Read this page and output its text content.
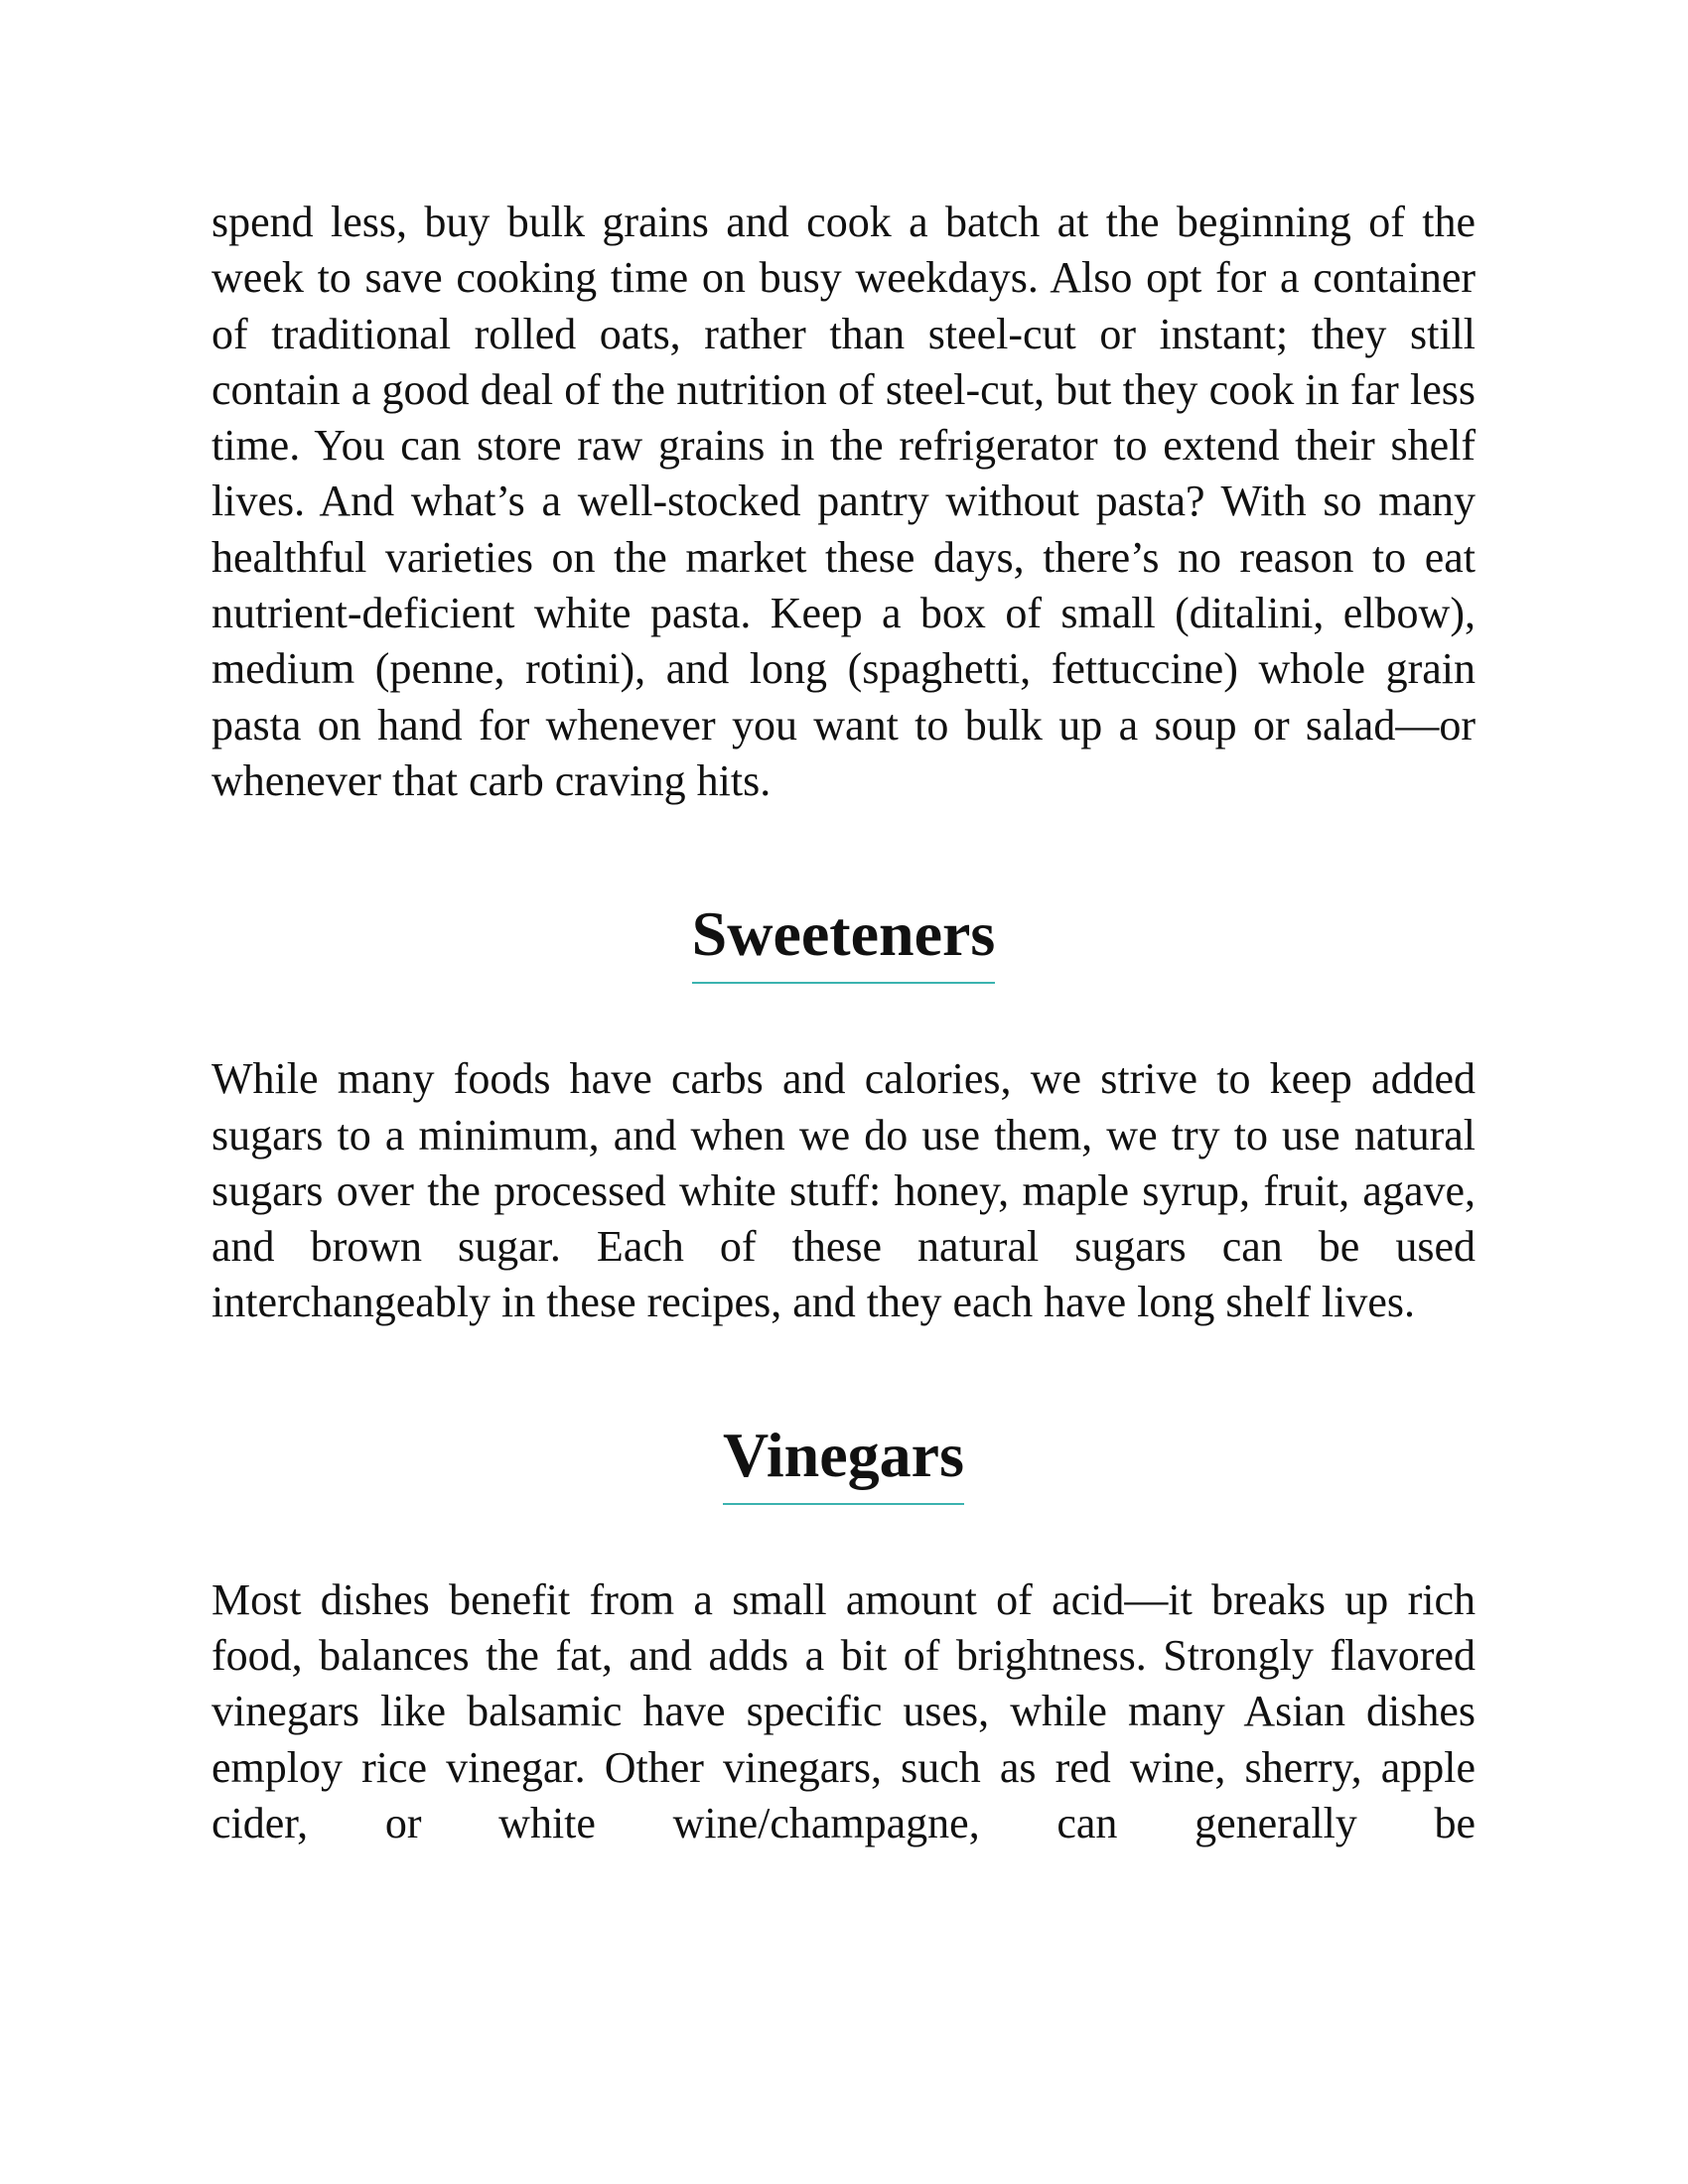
spend less, buy bulk grains and cook a batch at the beginning of the week to save cooking time on busy weekdays. Also opt for a container of traditional rolled oats, rather than steel-cut or instant; they still contain a good deal of the nutrition of steel-cut, but they cook in far less time. You can store raw grains in the refrigerator to extend their shelf lives. And what’s a well-stocked pantry without pasta? With so many healthful varieties on the market these days, there’s no reason to eat nutrient-deficient white pasta. Keep a box of small (ditalini, elbow), medium (penne, rotini), and long (spaghetti, fettuccine) whole grain pasta on hand for whenever you want to bulk up a soup or salad—or whenever that carb craving hits.

Sweeteners

While many foods have carbs and calories, we strive to keep added sugars to a minimum, and when we do use them, we try to use natural sugars over the processed white stuff: honey, maple syrup, fruit, agave, and brown sugar. Each of these natural sugars can be used interchangeably in these recipes, and they each have long shelf lives.

Vinegars

Most dishes benefit from a small amount of acid—it breaks up rich food, balances the fat, and adds a bit of brightness. Strongly flavored vinegars like balsamic have specific uses, while many Asian dishes employ rice vinegar. Other vinegars, such as red wine, sherry, apple cider, or white wine/champagne, can generally be
